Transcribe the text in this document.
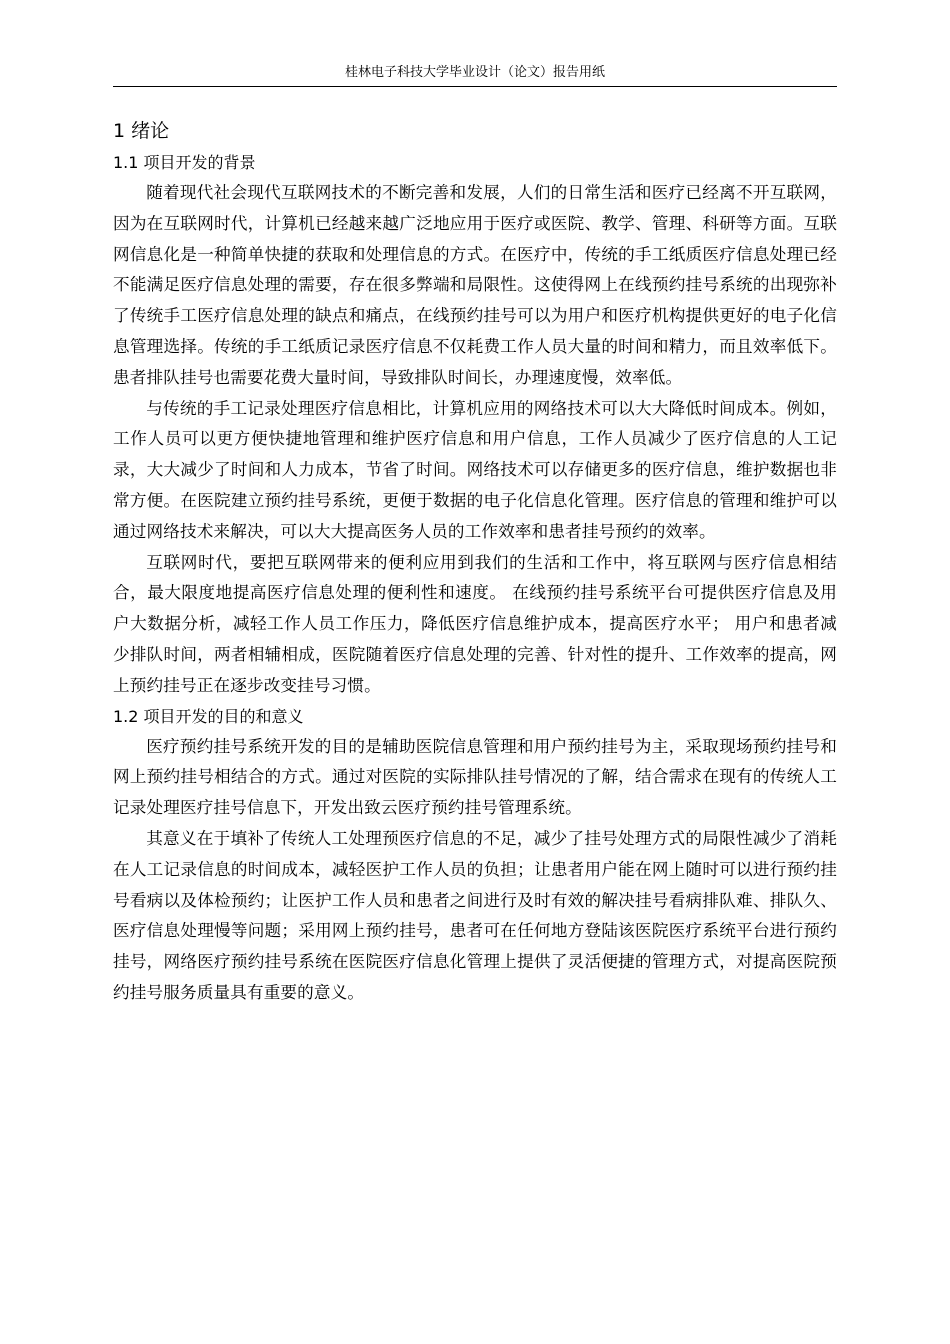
桂林电子科技大学毕业设计（论文）报告用纸
1 绪论
1.1 项目开发的背景

随着现代社会现代互联网技术的不断完善和发展，人们的日常生活和医疗已经离不开互联网，因为在互联网时代，计算机已经越来越广泛地应用于医疗或医院、教学、管理、科研等方面。互联网信息化是一种简单快捷的获取和处理信息的方式。在医疗中，传统的手工纸质医疗信息处理已经不能满足医疗信息处理的需要，存在很多弊端和局限性。这使得网上在线预约挂号系统的出现弥补了传统手工医疗信息处理的缺点和痛点，在线预约挂号可以为用户和医疗机构提供更好的电子化信息管理选择。传统的手工纸质记录医疗信息不仅耗费工作人员大量的时间和精力，而且效率低下。患者排队挂号也需要花费大量时间，导致排队时间长，办理速度慢，效率低。

与传统的手工记录处理医疗信息相比，计算机应用的网络技术可以大大降低时间成本。例如，工作人员可以更方便快捷地管理和维护医疗信息和用户信息，工作人员减少了医疗信息的人工记录，大大减少了时间和人力成本，节省了时间。网络技术可以存储更多的医疗信息，维护数据也非常方便。在医院建立预约挂号系统，更便于数据的电子化信息化管理。医疗信息的管理和维护可以通过网络技术来解决，可以大大提高医务人员的工作效率和患者挂号预约的效率。

互联网时代，要把互联网带来的便利应用到我们的生活和工作中，将互联网与医疗信息相结合，最大限度地提高医疗信息处理的便利性和速度。 在线预约挂号系统平台可提供医疗信息及用户大数据分析，减轻工作人员工作压力，降低医疗信息维护成本，提高医疗水平； 用户和患者减少排队时间，两者相辅相成，医院随着医疗信息处理的完善、针对性的提升、工作效率的提高，网上预约挂号正在逐步改变挂号习惯。

1.2 项目开发的目的和意义

医疗预约挂号系统开发的目的是辅助医院信息管理和用户预约挂号为主，采取现场预约挂号和网上预约挂号相结合的方式。通过对医院的实际排队挂号情况的了解，结合需求在现有的传统人工记录处理医疗挂号信息下，开发出致云医疗预约挂号管理系统。

其意义在于填补了传统人工处理预医疗信息的不足，减少了挂号处理方式的局限性减少了消耗在人工记录信息的时间成本，减轻医护工作人员的负担；让患者用户能在网上随时可以进行预约挂号看病以及体检预约；让医护工作人员和患者之间进行及时有效的解决挂号看病排队难、排队久、医疗信息处理慢等问题；采用网上预约挂号，患者可在任何地方登陆该医院医疗系统平台进行预约挂号，网络医疗预约挂号系统在医院医疗信息化管理上提供了灵活便捷的管理方式，对提高医院预约挂号服务质量具有重要的意义。
